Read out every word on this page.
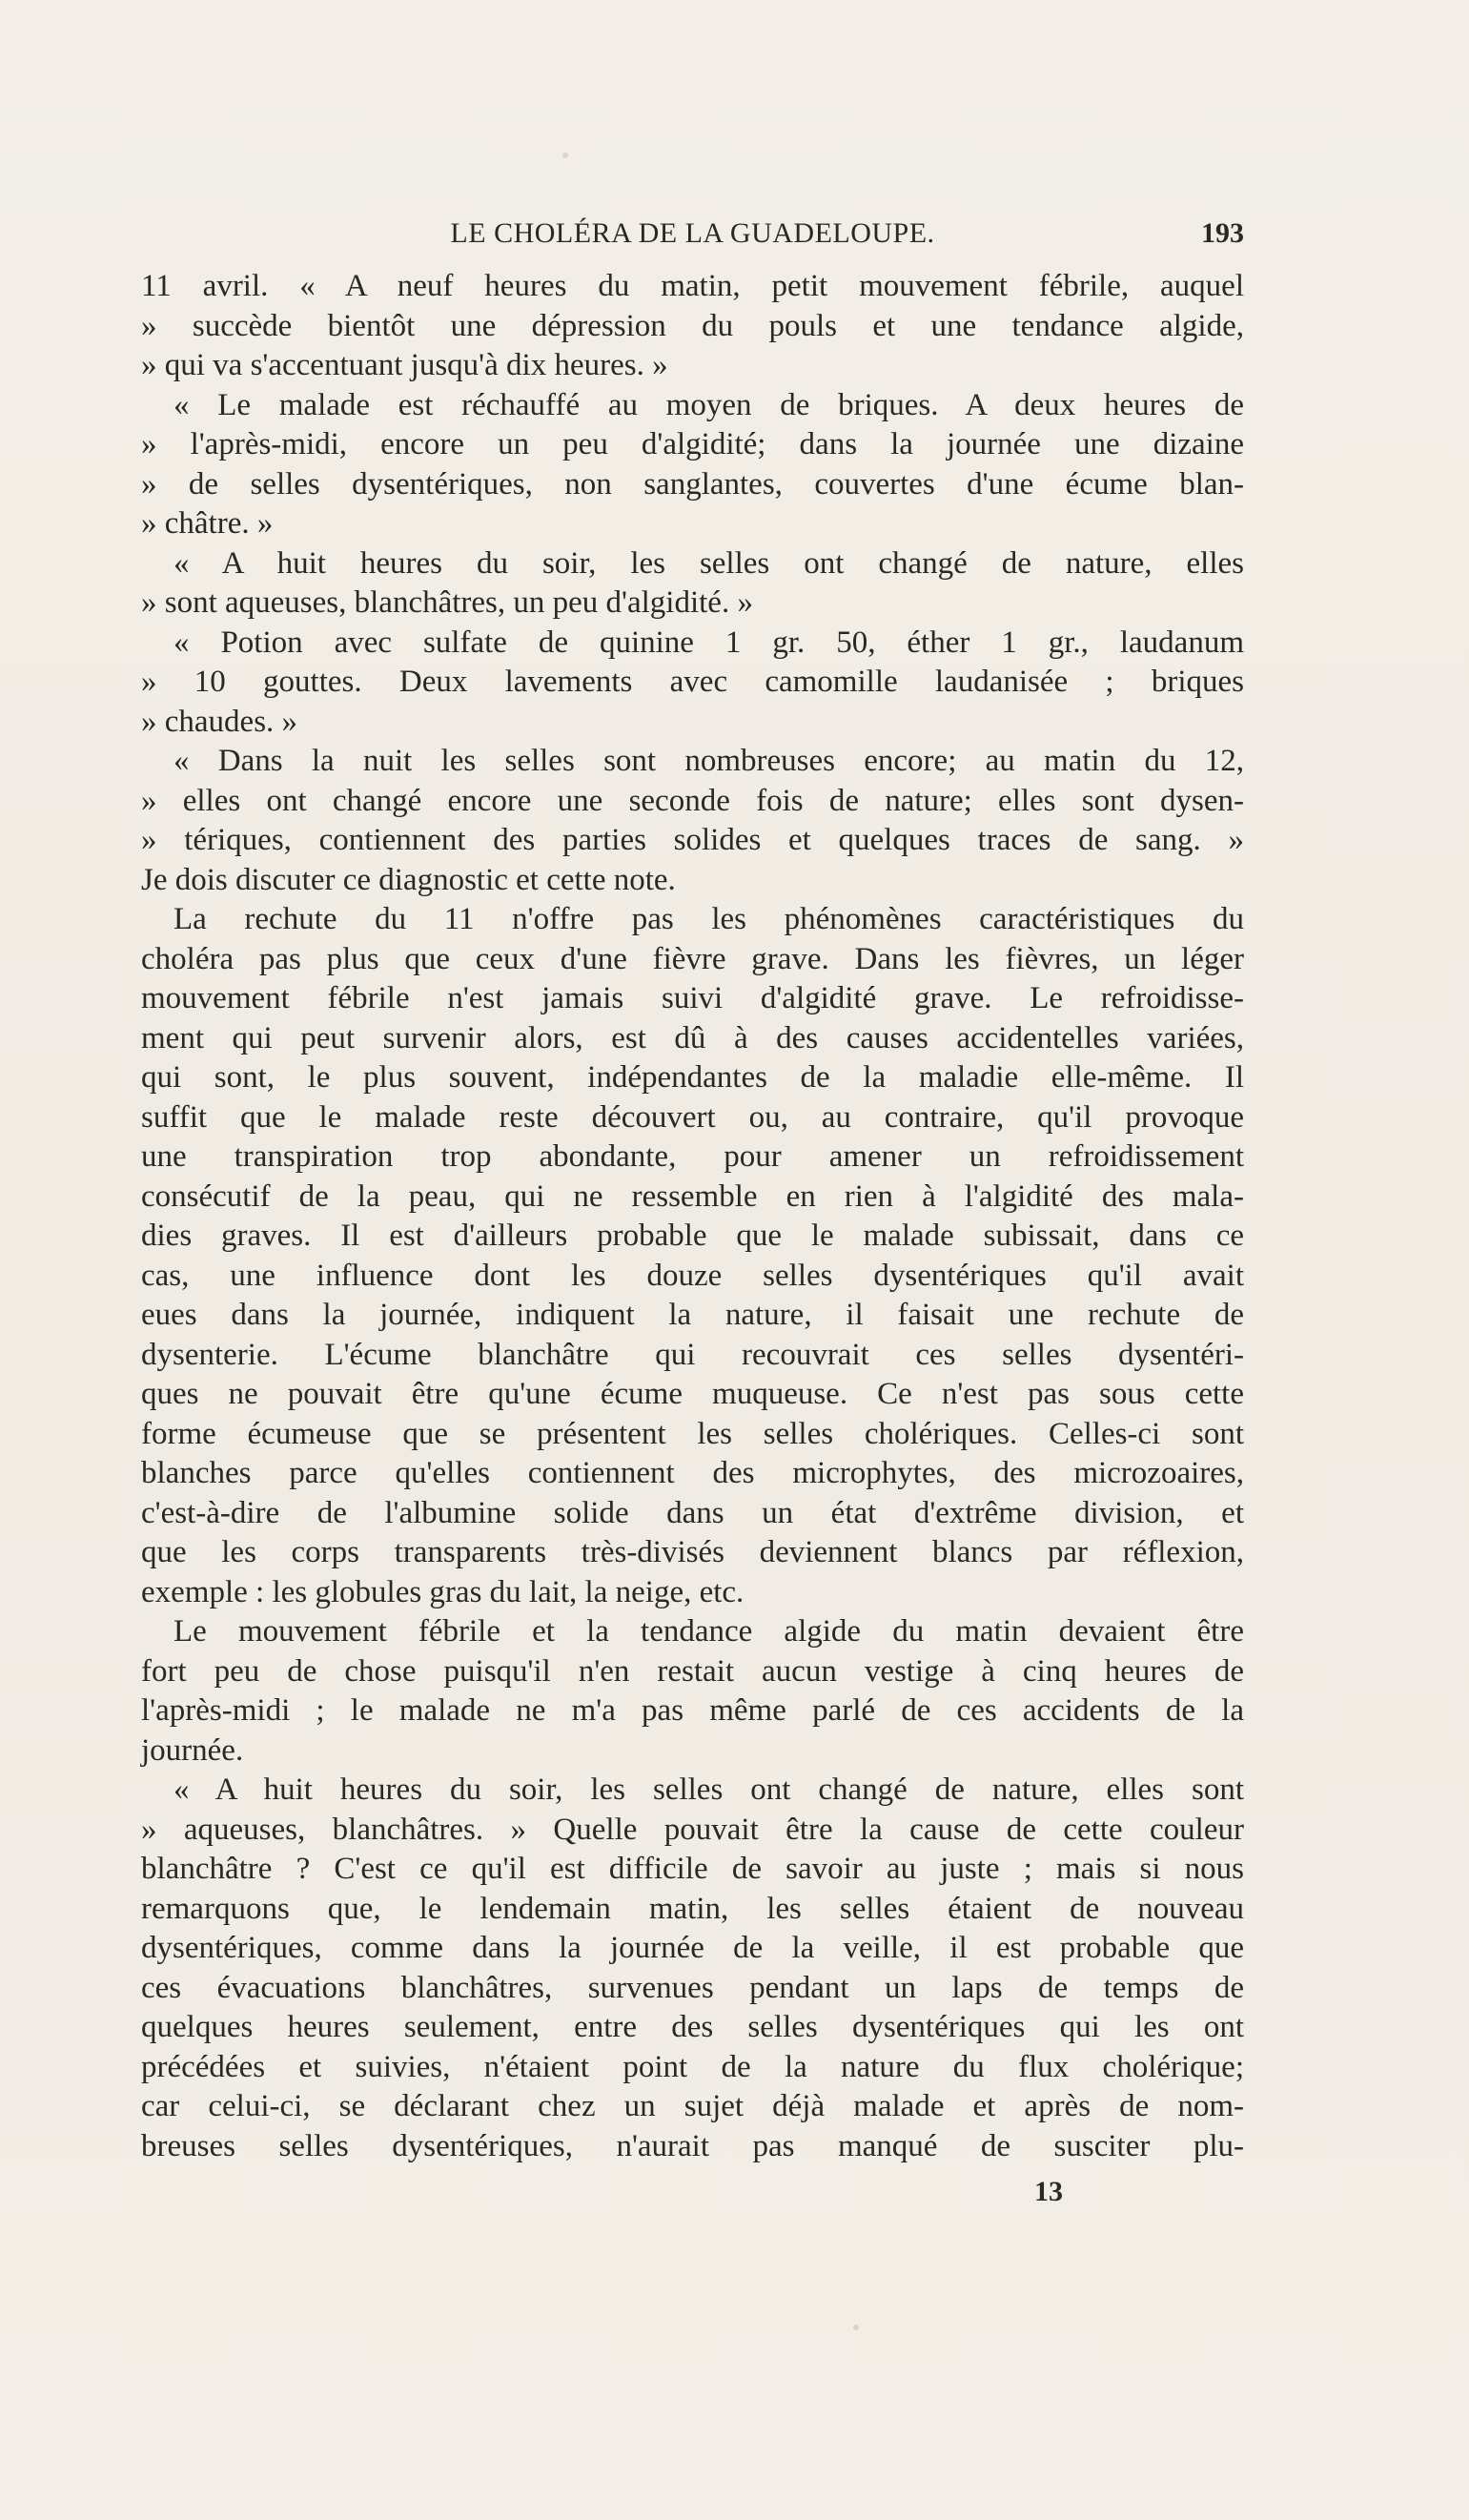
LE CHOLÉRA DE LA GUADELOUPE.	193
11 avril. « A neuf heures du matin, petit mouvement fébrile, auquel
» succède bientôt une dépression du pouls et une tendance algide,
» qui va s'accentuant jusqu'à dix heures. »
« Le malade est réchauffé au moyen de briques. A deux heures de
» l'après-midi, encore un peu d'algidité; dans la journée une dizaine
» de selles dysentériques, non sanglantes, couvertes d'une écume blan-
» châtre. »
« A huit heures du soir, les selles ont changé de nature, elles
» sont aqueuses, blanchâtres, un peu d'algidité. »
« Potion avec sulfate de quinine 1 gr. 50, éther 1 gr., laudanum
» 10 gouttes. Deux lavements avec camomille laudanisée ; briques
» chaudes. »
« Dans la nuit les selles sont nombreuses encore; au matin du 12,
» elles ont changé encore une seconde fois de nature; elles sont dysen-
» tériques, contiennent des parties solides et quelques traces de sang. »
Je dois discuter ce diagnostic et cette note.
La rechute du 11 n'offre pas les phénomènes caractéristiques du
choléra pas plus que ceux d'une fièvre grave. Dans les fièvres, un léger
mouvement fébrile n'est jamais suivi d'algidité grave. Le refroidisse-
ment qui peut survenir alors, est dû à des causes accidentelles variées,
qui sont, le plus souvent, indépendantes de la maladie elle-même. Il
suffit que le malade reste découvert ou, au contraire, qu'il provoque
une transpiration trop abondante, pour amener un refroidissement
consécutif de la peau, qui ne ressemble en rien à l'algidité des mala-
dies graves. Il est d'ailleurs probable que le malade subissait, dans ce
cas, une influence dont les douze selles dysentériques qu'il avait
eues dans la journée, indiquent la nature, il faisait une rechute de
dysenterie. L'écume blanchâtre qui recouvrait ces selles dysentéri-
ques ne pouvait être qu'une écume muqueuse. Ce n'est pas sous cette
forme écumeuse que se présentent les selles cholériques. Celles-ci sont
blanches parce qu'elles contiennent des microphytes, des microzoaires,
c'est-à-dire de l'albumine solide dans un état d'extrême division, et
que les corps transparents très-divisés deviennent blancs par réflexion,
exemple : les globules gras du lait, la neige, etc.
Le mouvement fébrile et la tendance algide du matin devaient être
fort peu de chose puisqu'il n'en restait aucun vestige à cinq heures de
l'après-midi ; le malade ne m'a pas même parlé de ces accidents de la
journée.
« A huit heures du soir, les selles ont changé de nature, elles sont
» aqueuses, blanchâtres. » Quelle pouvait être la cause de cette couleur
blanchâtre ? C'est ce qu'il est difficile de savoir au juste ; mais si nous
remarquons que, le lendemain matin, les selles étaient de nouveau
dysentériques, comme dans la journée de la veille, il est probable que
ces évacuations blanchâtres, survenues pendant un laps de temps de
quelques heures seulement, entre des selles dysentériques qui les ont
précédées et suivies, n'étaient point de la nature du flux cholérique;
car celui-ci, se déclarant chez un sujet déjà malade et après de nom-
breuses selles dysentériques, n'aurait pas manqué de susciter plu-
13
